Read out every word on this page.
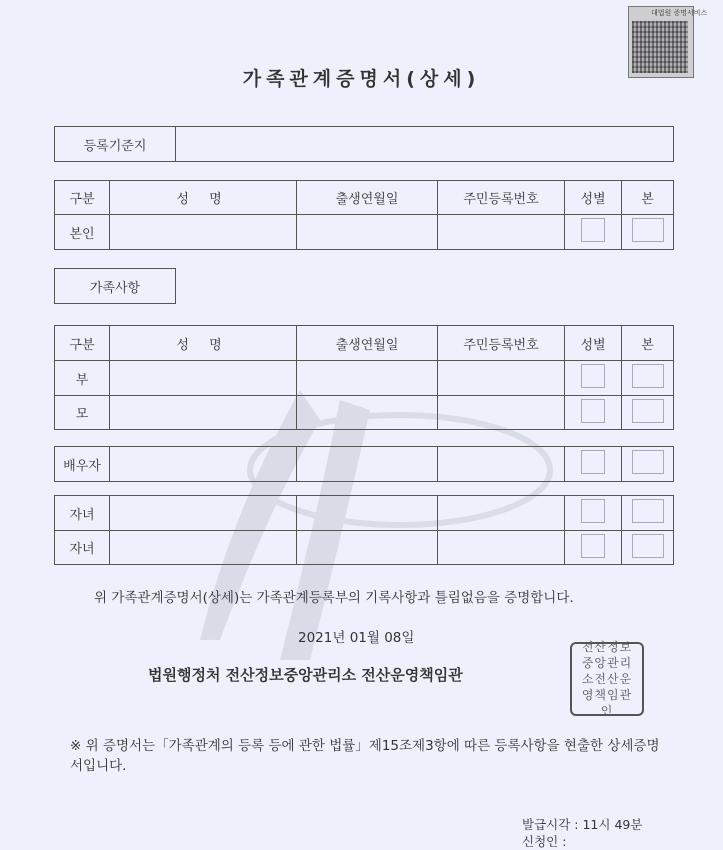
대법원 증명서비스
가족관계증명서(상세)
등록기준지	
구분	성 명	출생연월일	주민등록번호	성별	본
본인					
가족사항
구분	성 명	출생연월일	주민등록번호	성별	본
부					
모					
배우자					
자녀					
자녀					
위 가족관계증명서(상세)는 가족관계등록부의 기록사항과 틀림없음을 증명합니다.
2021년 01월 08일
법원행정처 전산정보중앙관리소 전산운영책임관
전산정보중앙관리소전산운영책임관인
※ 위 증명서는「가족관계의 등록 등에 관한 법률」제15조제3항에 따른 등록사항을 현출한 상세증명서입니다.
발급시각 : 11시 49분
신청인 :
